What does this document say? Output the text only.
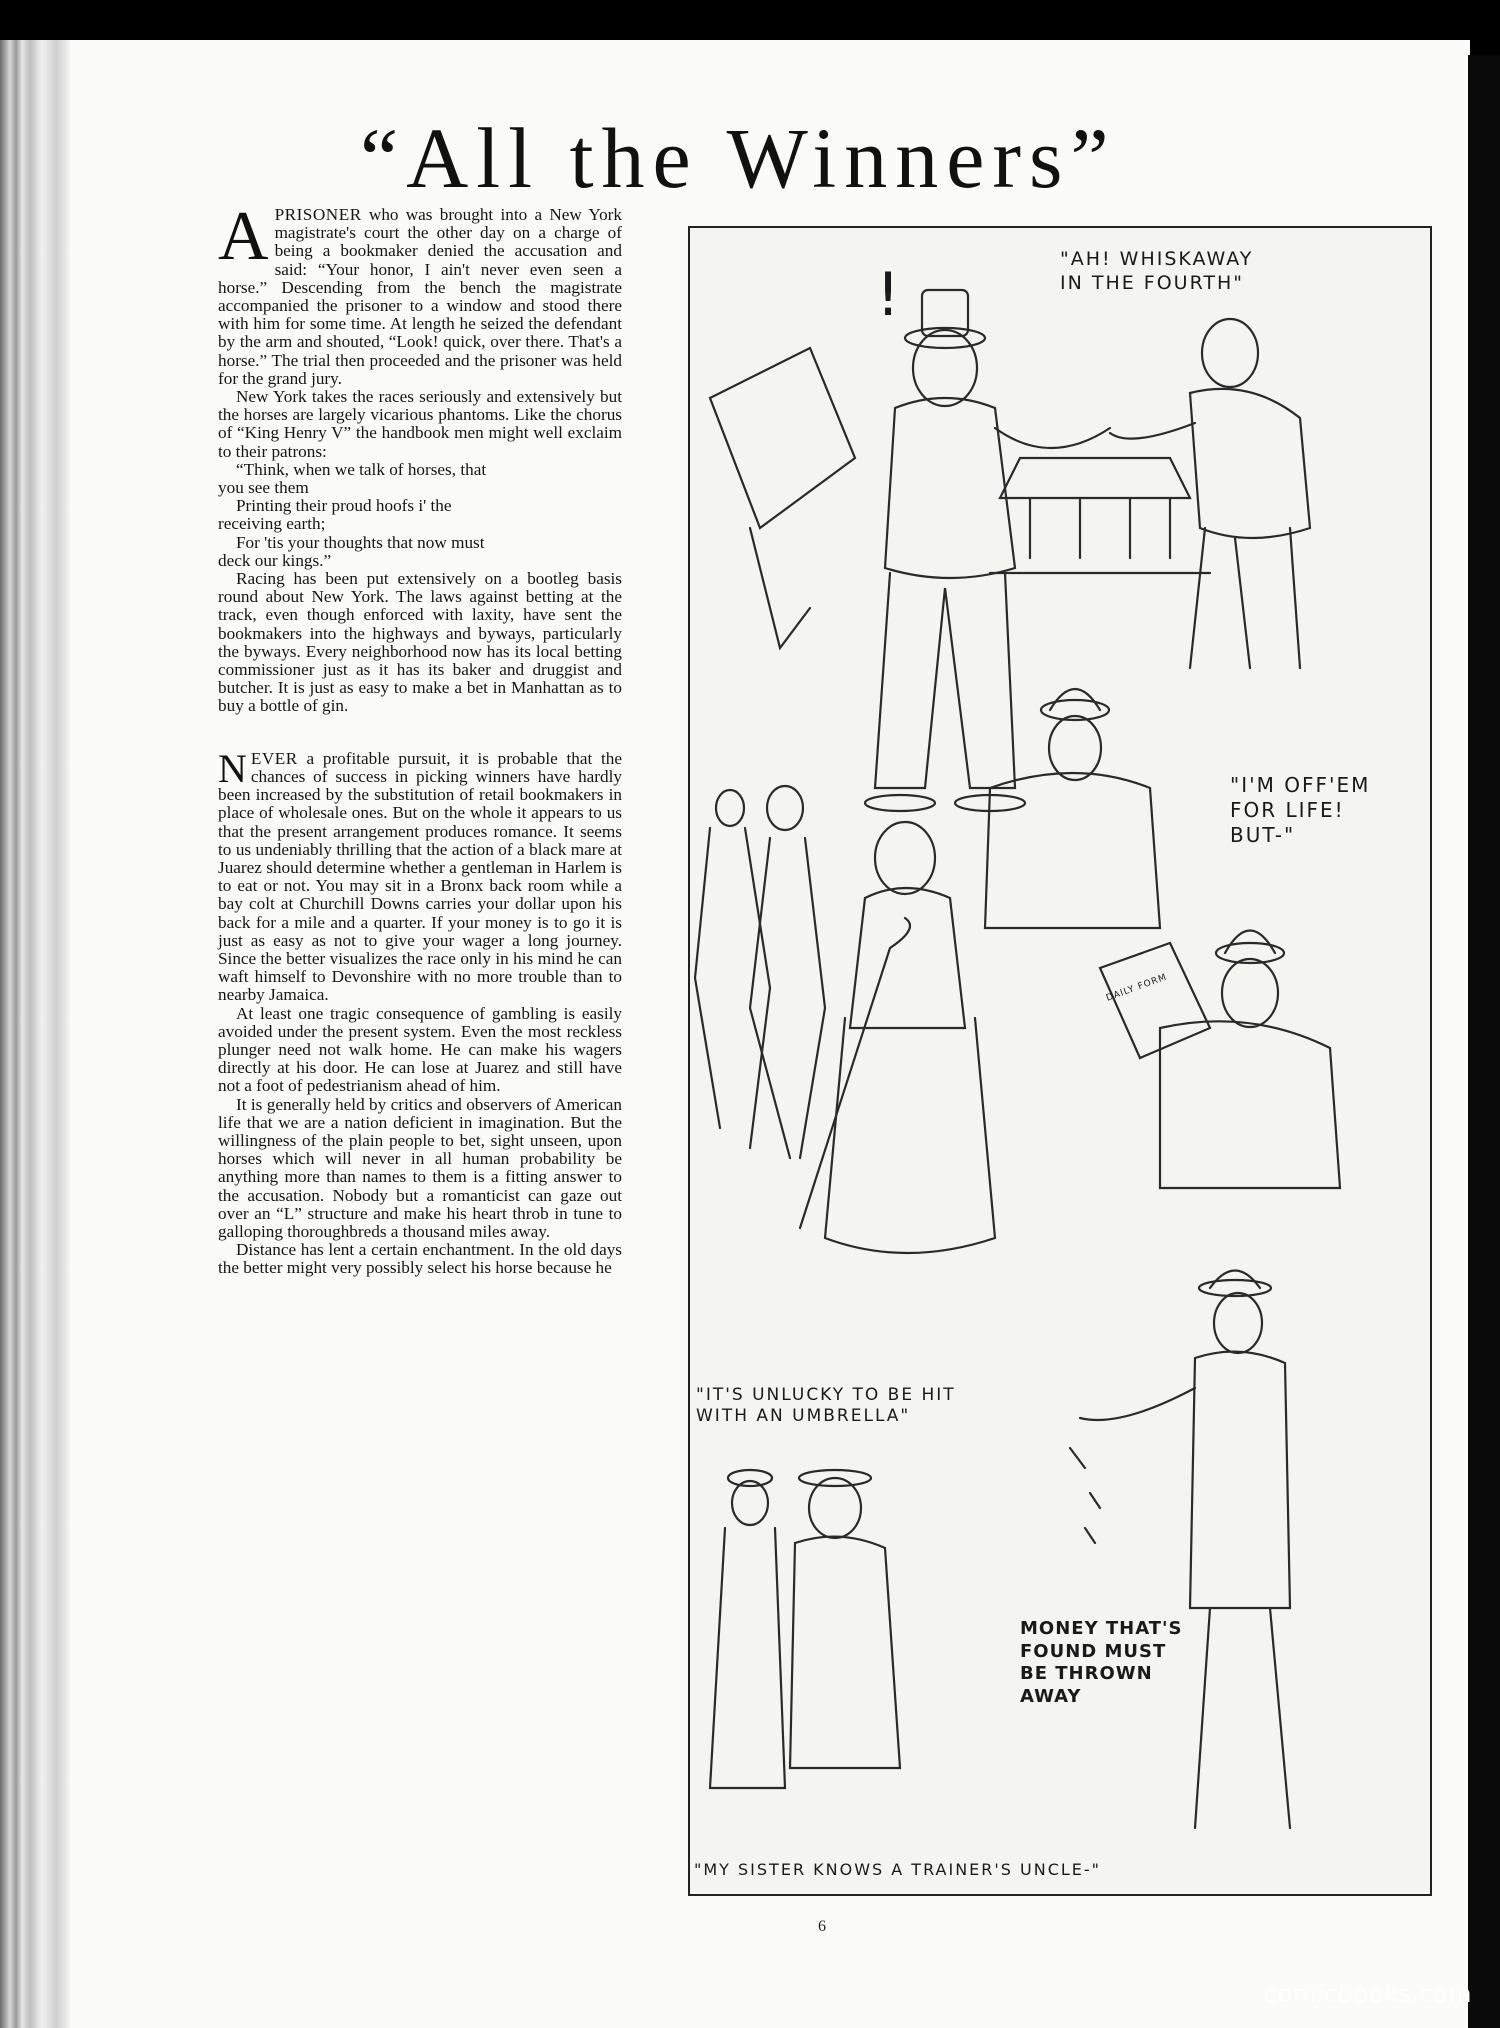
“All the Winners”

APRISONER who was brought into a New York magistrate's court the other day on a charge of being a bookmaker denied the accusation and said: “Your honor, I ain't never even seen a horse.” Descending from the bench the magistrate accompanied the prisoner to a window and stood there with him for some time. At length he seized the defendant by the arm and shouted, “Look! quick, over there. That's a horse.” The trial then proceeded and the prisoner was held for the grand jury.

New York takes the races seriously and extensively but the horses are largely vicarious phantoms. Like the chorus of “King Henry V” the handbook men might well exclaim to their patrons:

“Think, when we talk of horses, that

you see them

Printing their proud hoofs i' the

receiving earth;

For 'tis your thoughts that now must

deck our kings.”

Racing has been put extensively on a bootleg basis round about New York. The laws against betting at the track, even though enforced with laxity, have sent the bookmakers into the highways and byways, particularly the byways. Every neighborhood now has its local betting commissioner just as it has its baker and druggist and butcher. It is just as easy to make a bet in Manhattan as to buy a bottle of gin.

NEVER a profitable pursuit, it is probable that the chances of success in picking winners have hardly been increased by the substitution of retail bookmakers in place of wholesale ones. But on the whole it appears to us that the present arrangement produces romance. It seems to us undeniably thrilling that the action of a black mare at Juarez should determine whether a gentleman in Harlem is to eat or not. You may sit in a Bronx back room while a bay colt at Churchill Downs carries your dollar upon his back for a mile and a quarter. If your money is to go it is just as easy as not to give your wager a long journey. Since the better visualizes the race only in his mind he can waft himself to Devonshire with no more trouble than to nearby Jamaica.

At least one tragic consequence of gambling is easily avoided under the present system. Even the most reckless plunger need not walk home. He can make his wagers directly at his door. He can lose at Juarez and still have not a foot of pedestrianism ahead of him.

It is generally held by critics and observers of American life that we are a nation deficient in imagination. But the willingness of the plain people to bet, sight unseen, upon horses which will never in all human probability be anything more than names to them is a fitting answer to the accusation. Nobody but a romanticist can gaze out over an “L” structure and make his heart throb in tune to galloping thoroughbreds a thousand miles away.

Distance has lent a certain enchantment. In the old days the better might very possibly select his horse because he

!
"AH! WHISKAWAY
IN THE FOURTH"
"I'M OFF'EM
FOR LIFE!
BUT-"
DAILY FORM
"IT'S UNLUCKY TO BE HIT
WITH AN UMBRELLA"
MONEY THAT'S
FOUND MUST
BE THROWN
AWAY
"MY SISTER KNOWS A TRAINER'S UNCLE-"
6
comicbooks.com
